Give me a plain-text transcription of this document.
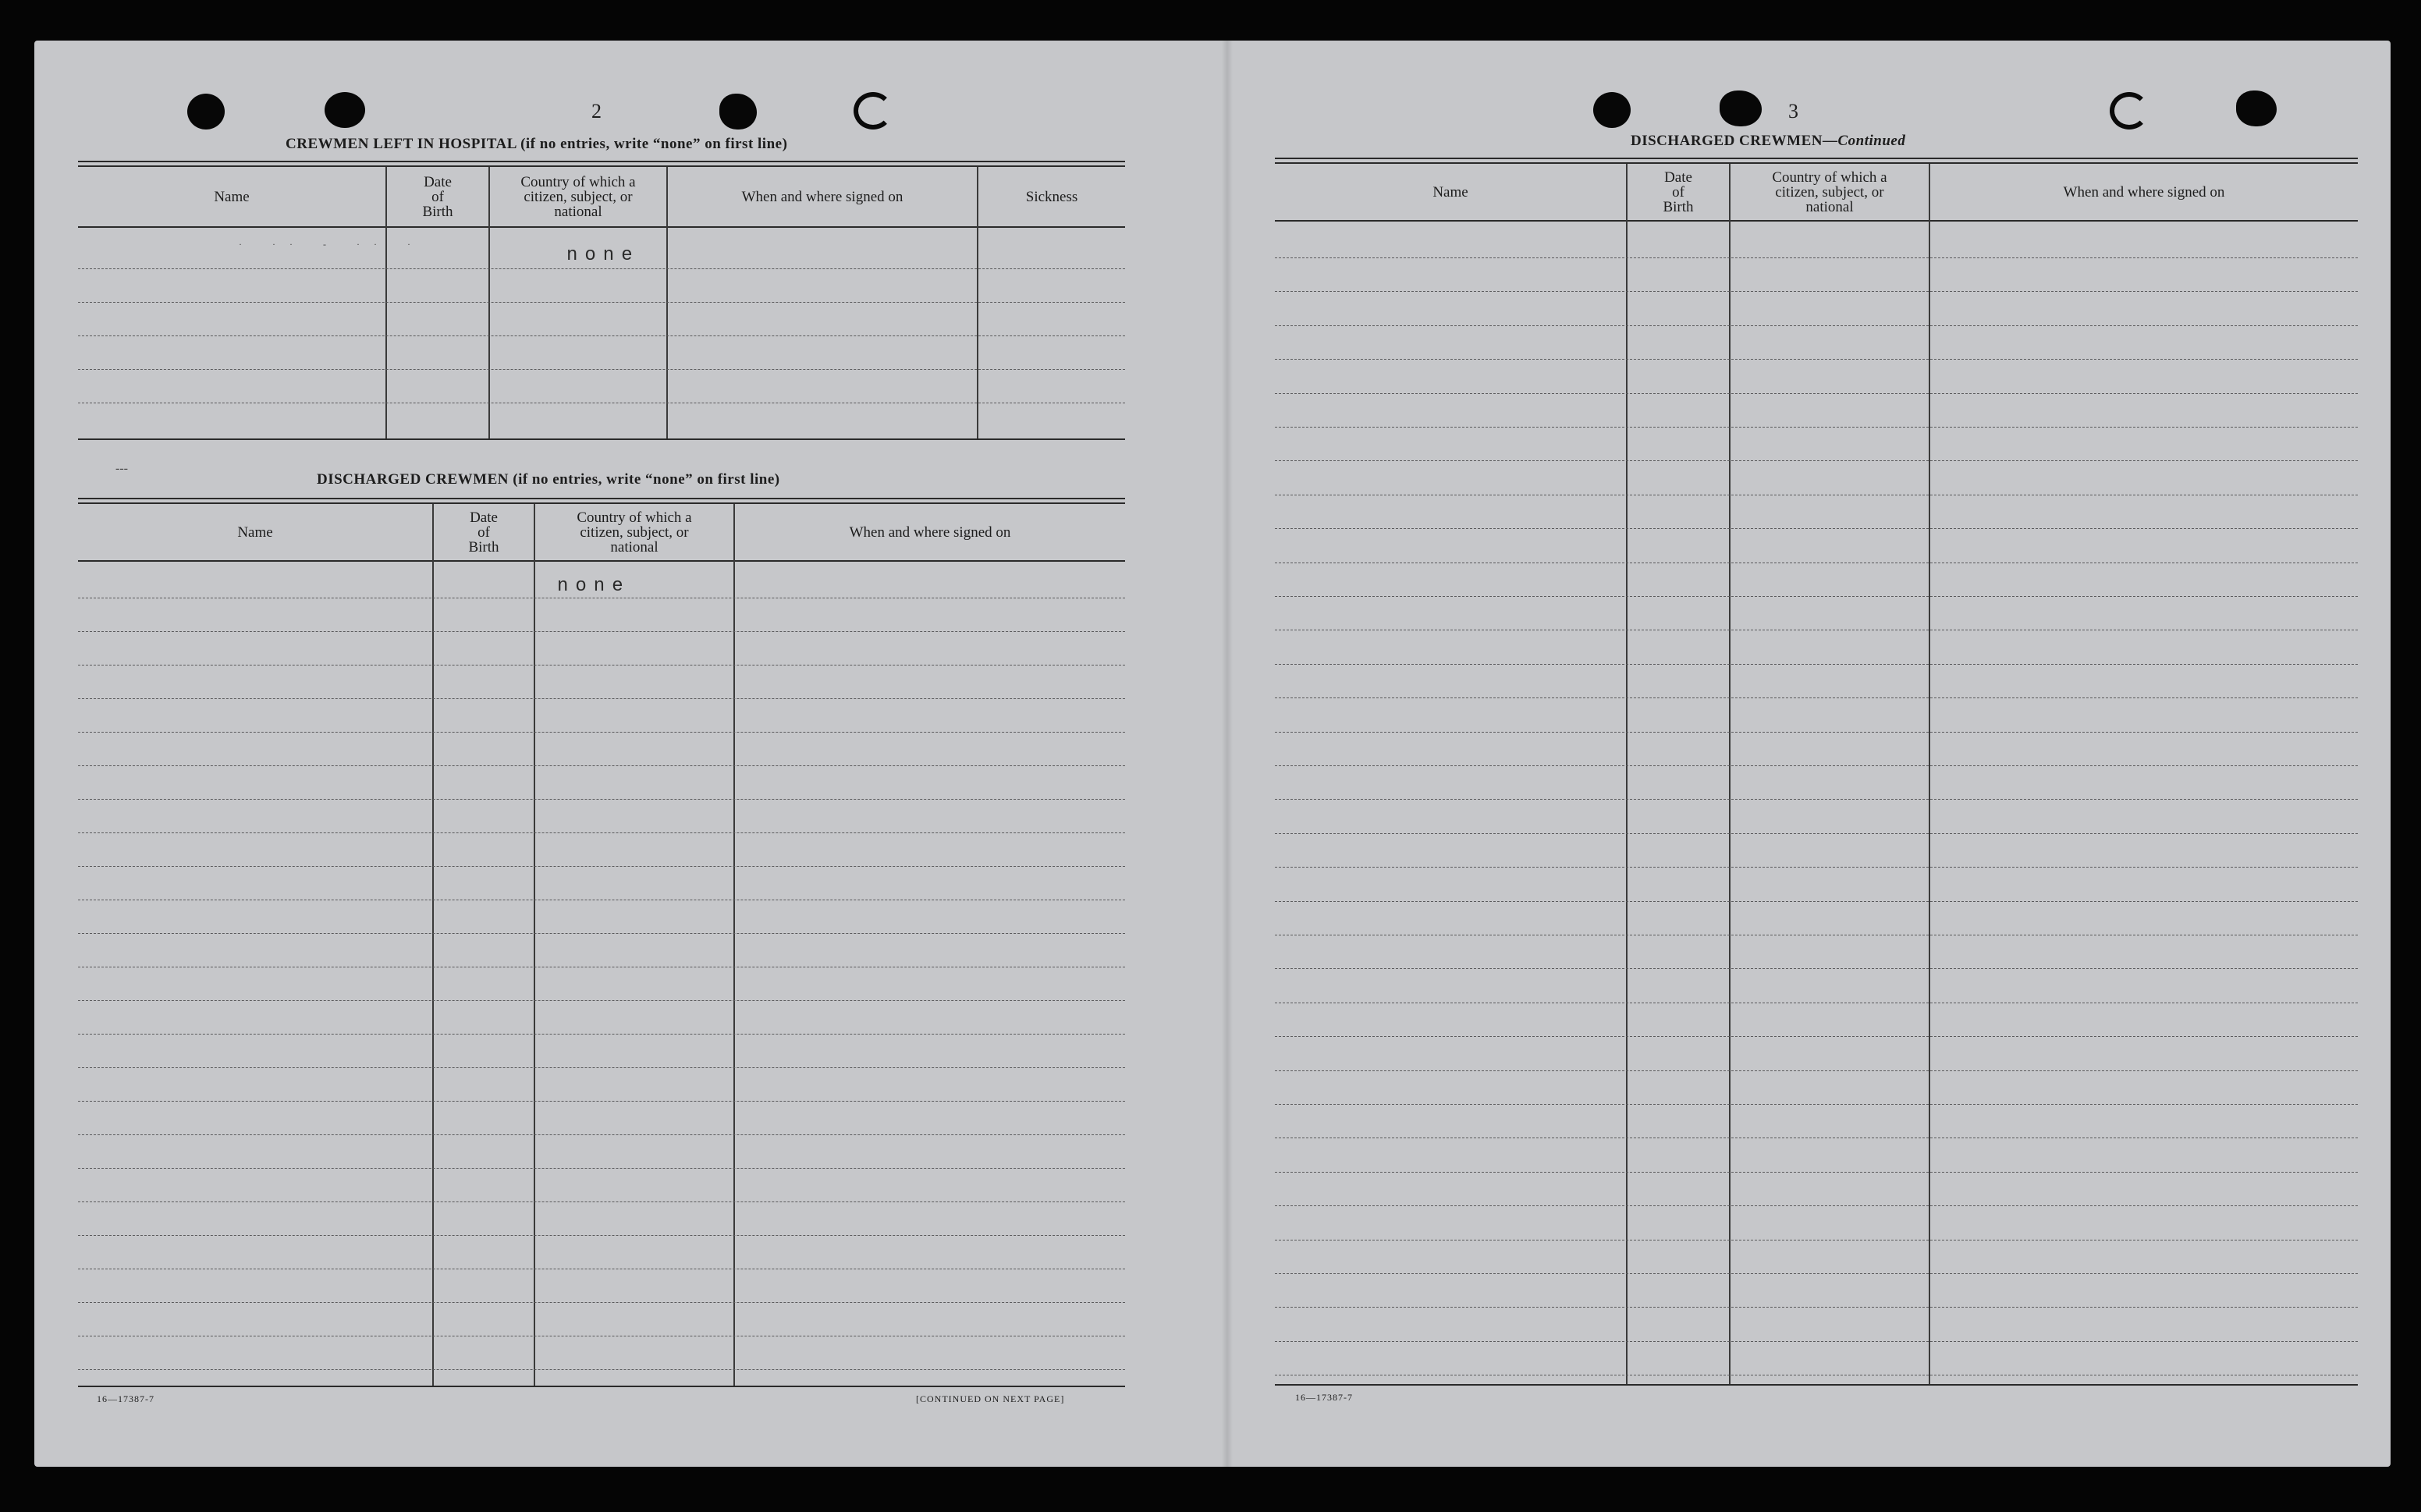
2
CREWMEN LEFT IN HOSPITAL (if no entries, write “none” on first line)
Name
Date
of
Birth
Country of which a
citizen, subject, or
national
When and where signed on	Sickness
none
· ·· ‐ ·· ·
‐‐‐
DISCHARGED CREWMEN (if no entries, write “none” on first line)
Name
Date
of
Birth
Country of which a
citizen, subject, or
national
When and where signed on
none
16—17387-7	[CONTINUED ON NEXT PAGE]
3
DISCHARGED CREWMEN—Continued
Name
Date
of
Birth
Country of which a
citizen, subject, or
national
When and where signed on
16—17387-7
